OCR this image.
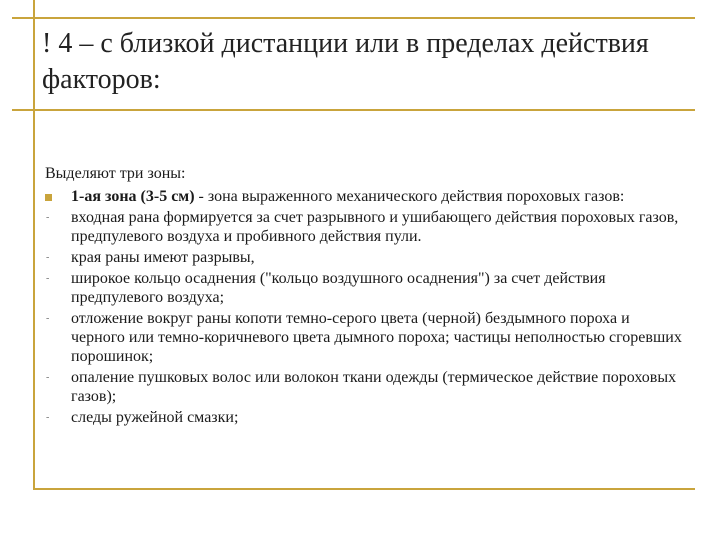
! 4 – с близкой дистанции или в пределах действия факторов:

Выделяют три зоны:

1-ая зона (3-5 см) - зона выраженного механического действия пороховых газов:
-	входная рана формируется за счет разрывного и ушибающего действия пороховых газов, предпулевого воздуха и пробивного действия пули.
-	края раны имеют разрывы,
-	широкое кольцо осаднения ("кольцо воздушного осаднения") за счет действия предпулевого воздуха;
-	отложение вокруг раны копоти темно-серого цвета (черной) бездымного пороха и черного или темно-коричневого цвета дымного пороха; частицы неполностью сгоревших порошинок;
-	опаление пушковых волос или волокон ткани одежды (термическое действие пороховых газов);
-	следы ружейной смазки;
